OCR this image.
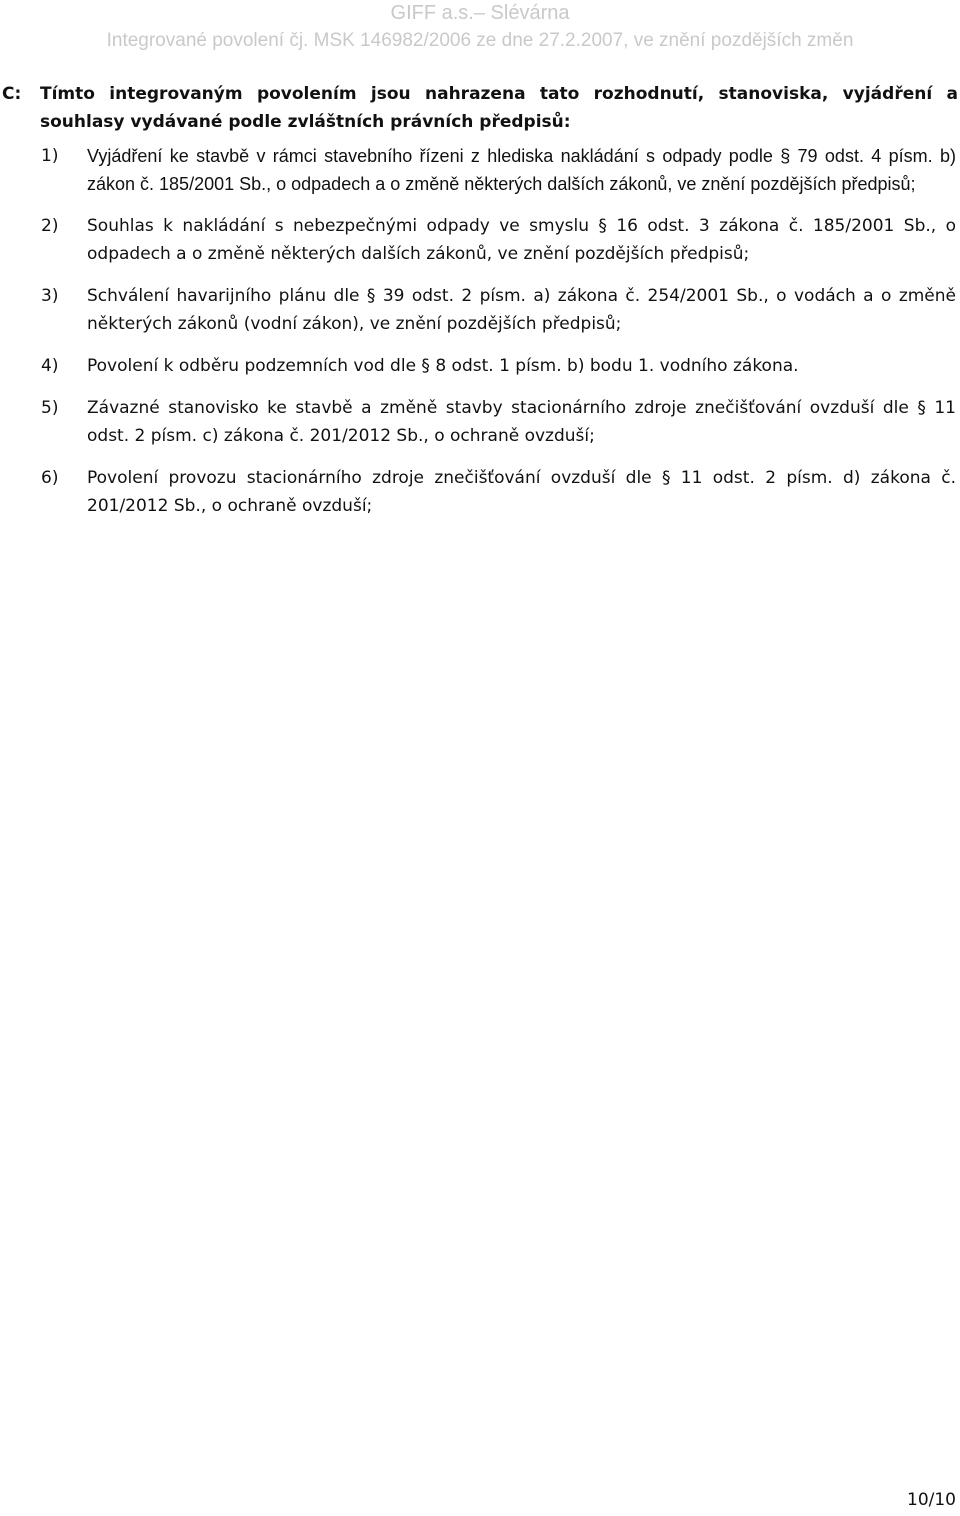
GIFF a.s.– Slévárna
Integrované povolení čj. MSK 146982/2006 ze dne 27.2.2007, ve znění pozdějších změn
C:	Tímto integrovaným povolením jsou nahrazena tato rozhodnutí, stanoviska, vyjádření a souhlasy vydávané podle zvláštních právních předpisů:
1)	Vyjádření ke stavbě v rámci stavebního řízeni z hlediska nakládání s odpady podle § 79 odst. 4 písm. b) zákon č. 185/2001 Sb., o odpadech a o změně některých dalších zákonů, ve znění pozdějších předpisů;
2)	Souhlas k nakládání s nebezpečnými odpady ve smyslu § 16 odst. 3 zákona č. 185/2001 Sb., o odpadech a o změně některých dalších zákonů, ve znění pozdějších předpisů;
3)	Schválení havarijního plánu dle § 39 odst. 2 písm. a) zákona č. 254/2001 Sb., o vodách a o změně některých zákonů (vodní zákon), ve znění pozdějších předpisů;
4)	Povolení k odběru podzemních vod dle § 8 odst. 1 písm. b) bodu 1. vodního zákona.
5)	Závazné stanovisko ke stavbě a změně stavby stacionárního zdroje znečišťování ovzduší dle § 11 odst. 2 písm. c) zákona č. 201/2012 Sb., o ochraně ovzduší;
6)	Povolení provozu stacionárního zdroje znečišťování ovzduší dle § 11 odst. 2 písm. d) zákona č. 201/2012 Sb., o ochraně ovzduší;
10/10
